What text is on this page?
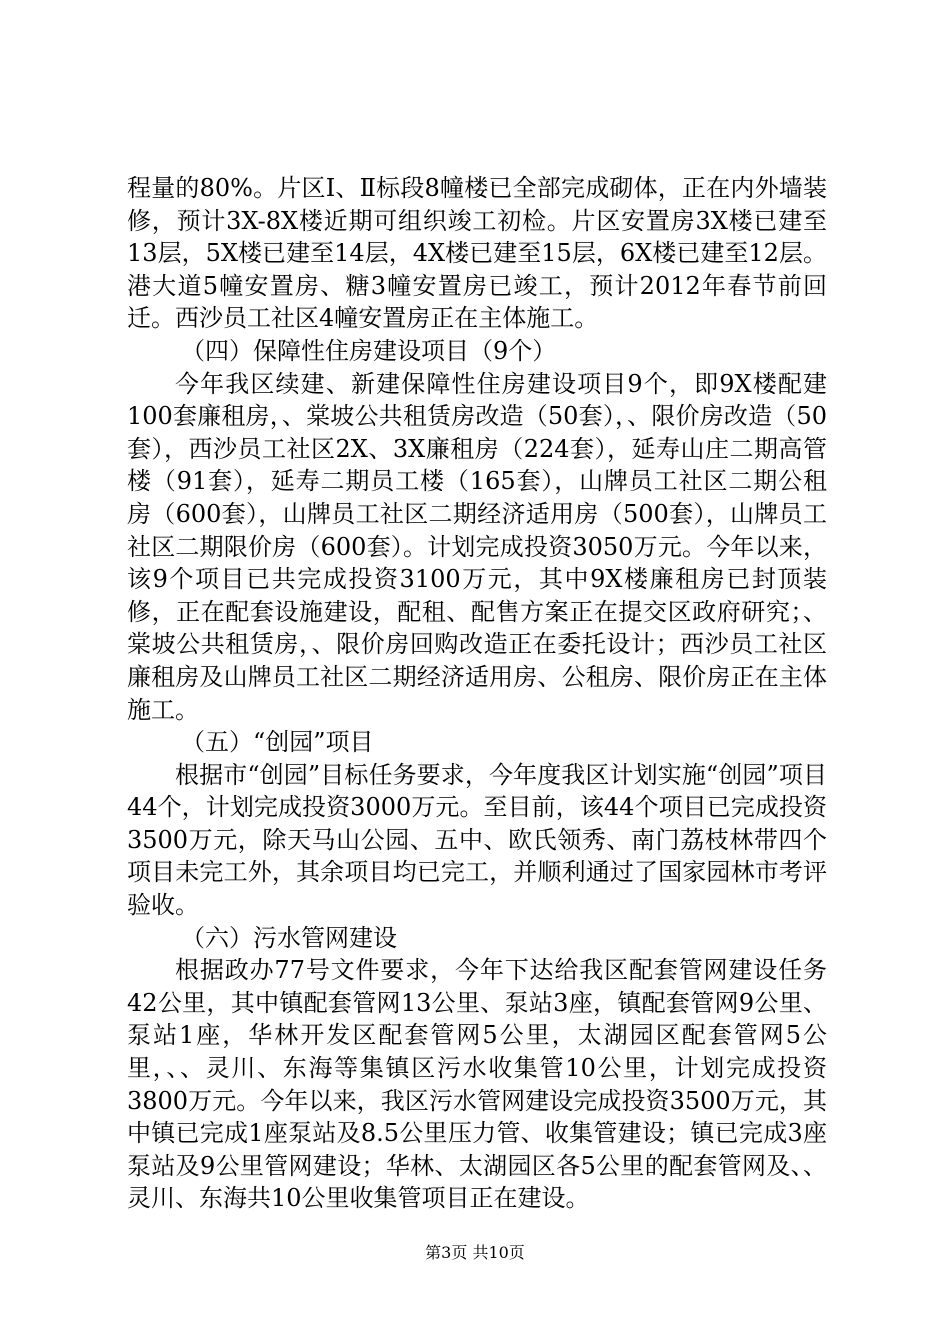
程量的80%。片区Ⅰ、Ⅱ标段8幢楼已全部完成砌体，正在内外墙装修，预计3X-8X楼近期可组织竣工初检。片区安置房3X楼已建至13层，5X楼已建至14层，4X楼已建至15层，6X楼已建至12层。港大道5幢安置房、糖3幢安置房已竣工，预计2012年春节前回迁。西沙员工社区4幢安置房正在主体施工。

（四）保障性住房建设项目（9个）

今年我区续建、新建保障性住房建设项目9个，即9X楼配建100套廉租房，、棠坡公共租赁房改造（50套），、限价房改造（50套），西沙员工社区2X、3X廉租房（224套），延寿山庄二期高管楼（91套），延寿二期员工楼（165套），山牌员工社区二期公租房（600套），山牌员工社区二期经济适用房（500套），山牌员工社区二期限价房（600套）。计划完成投资3050万元。今年以来，该9个项目已共完成投资3100万元，其中9X楼廉租房已封顶装修，正在配套设施建设，配租、配售方案正在提交区政府研究；、棠坡公共租赁房，、限价房回购改造正在委托设计；西沙员工社区廉租房及山牌员工社区二期经济适用房、公租房、限价房正在主体施工。

（五）“创园”项目

根据市“创园”目标任务要求，今年度我区计划实施“创园”项目44个，计划完成投资3000万元。至目前，该44个项目已完成投资3500万元，除天马山公园、五中、欧氏领秀、南门荔枝林带四个项目未完工外，其余项目均已完工，并顺利通过了国家园林市考评验收。

（六）污水管网建设

根据政办77号文件要求，今年下达给我区配套管网建设任务42公里，其中镇配套管网13公里、泵站3座，镇配套管网9公里、泵站1座，华林开发区配套管网5公里，太湖园区配套管网5公里，、、灵川、东海等集镇区污水收集管10公里，计划完成投资3800万元。今年以来，我区污水管网建设完成投资3500万元，其中镇已完成1座泵站及8.5公里压力管、收集管建设；镇已完成3座泵站及9公里管网建设；华林、太湖园区各5公里的配套管网及、、灵川、东海共10公里收集管项目正在建设。

第3页 共10页
